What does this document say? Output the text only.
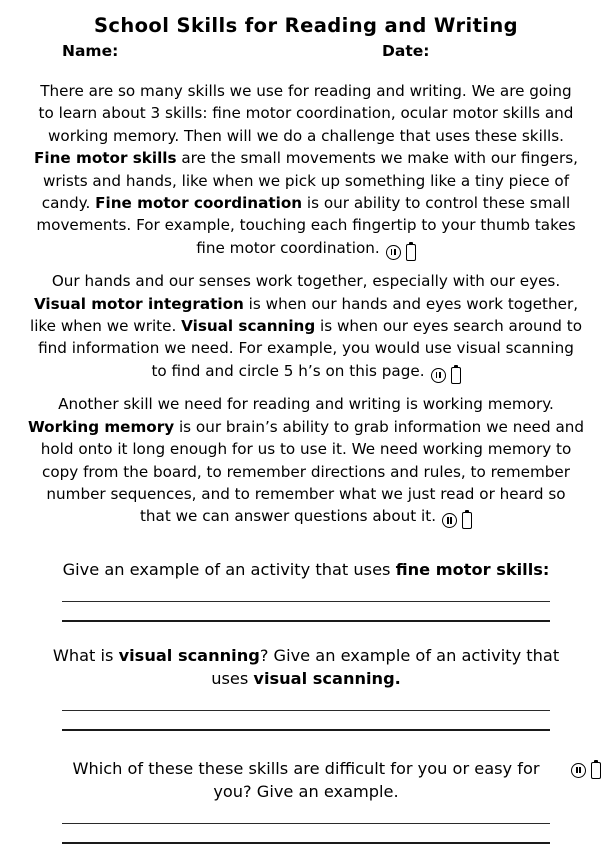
School Skills for Reading and Writing
Name:	Date:
There are so many skills we use for reading and writing. We are going
to learn about 3 skills: fine motor coordination, ocular motor skills and
working memory. Then will we do a challenge that uses these skills.
Fine motor skills are the small movements we make with our fingers,
wrists and hands, like when we pick up something like a tiny piece of
candy. Fine motor coordination is our ability to control these small
movements. For example, touching each fingertip to your thumb takes
fine motor coordination.
Our hands and our senses work together, especially with our eyes.
Visual motor integration is when our hands and eyes work together,
like when we write. Visual scanning is when our eyes search around to
find information we need. For example, you would use visual scanning
to find and circle 5 h’s on this page.
Another skill we need for reading and writing is working memory.
Working memory is our brain’s ability to grab information we need and
hold onto it long enough for us to use it. We need working memory to
copy from the board, to remember directions and rules, to remember
number sequences, and to remember what we just read or heard so
that we can answer questions about it.
Give an example of an activity that uses fine motor skills:
What is visual scanning? Give an example of an activity that
uses visual scanning.
Which of these these skills are difficult for you or easy for
you? Give an example.
